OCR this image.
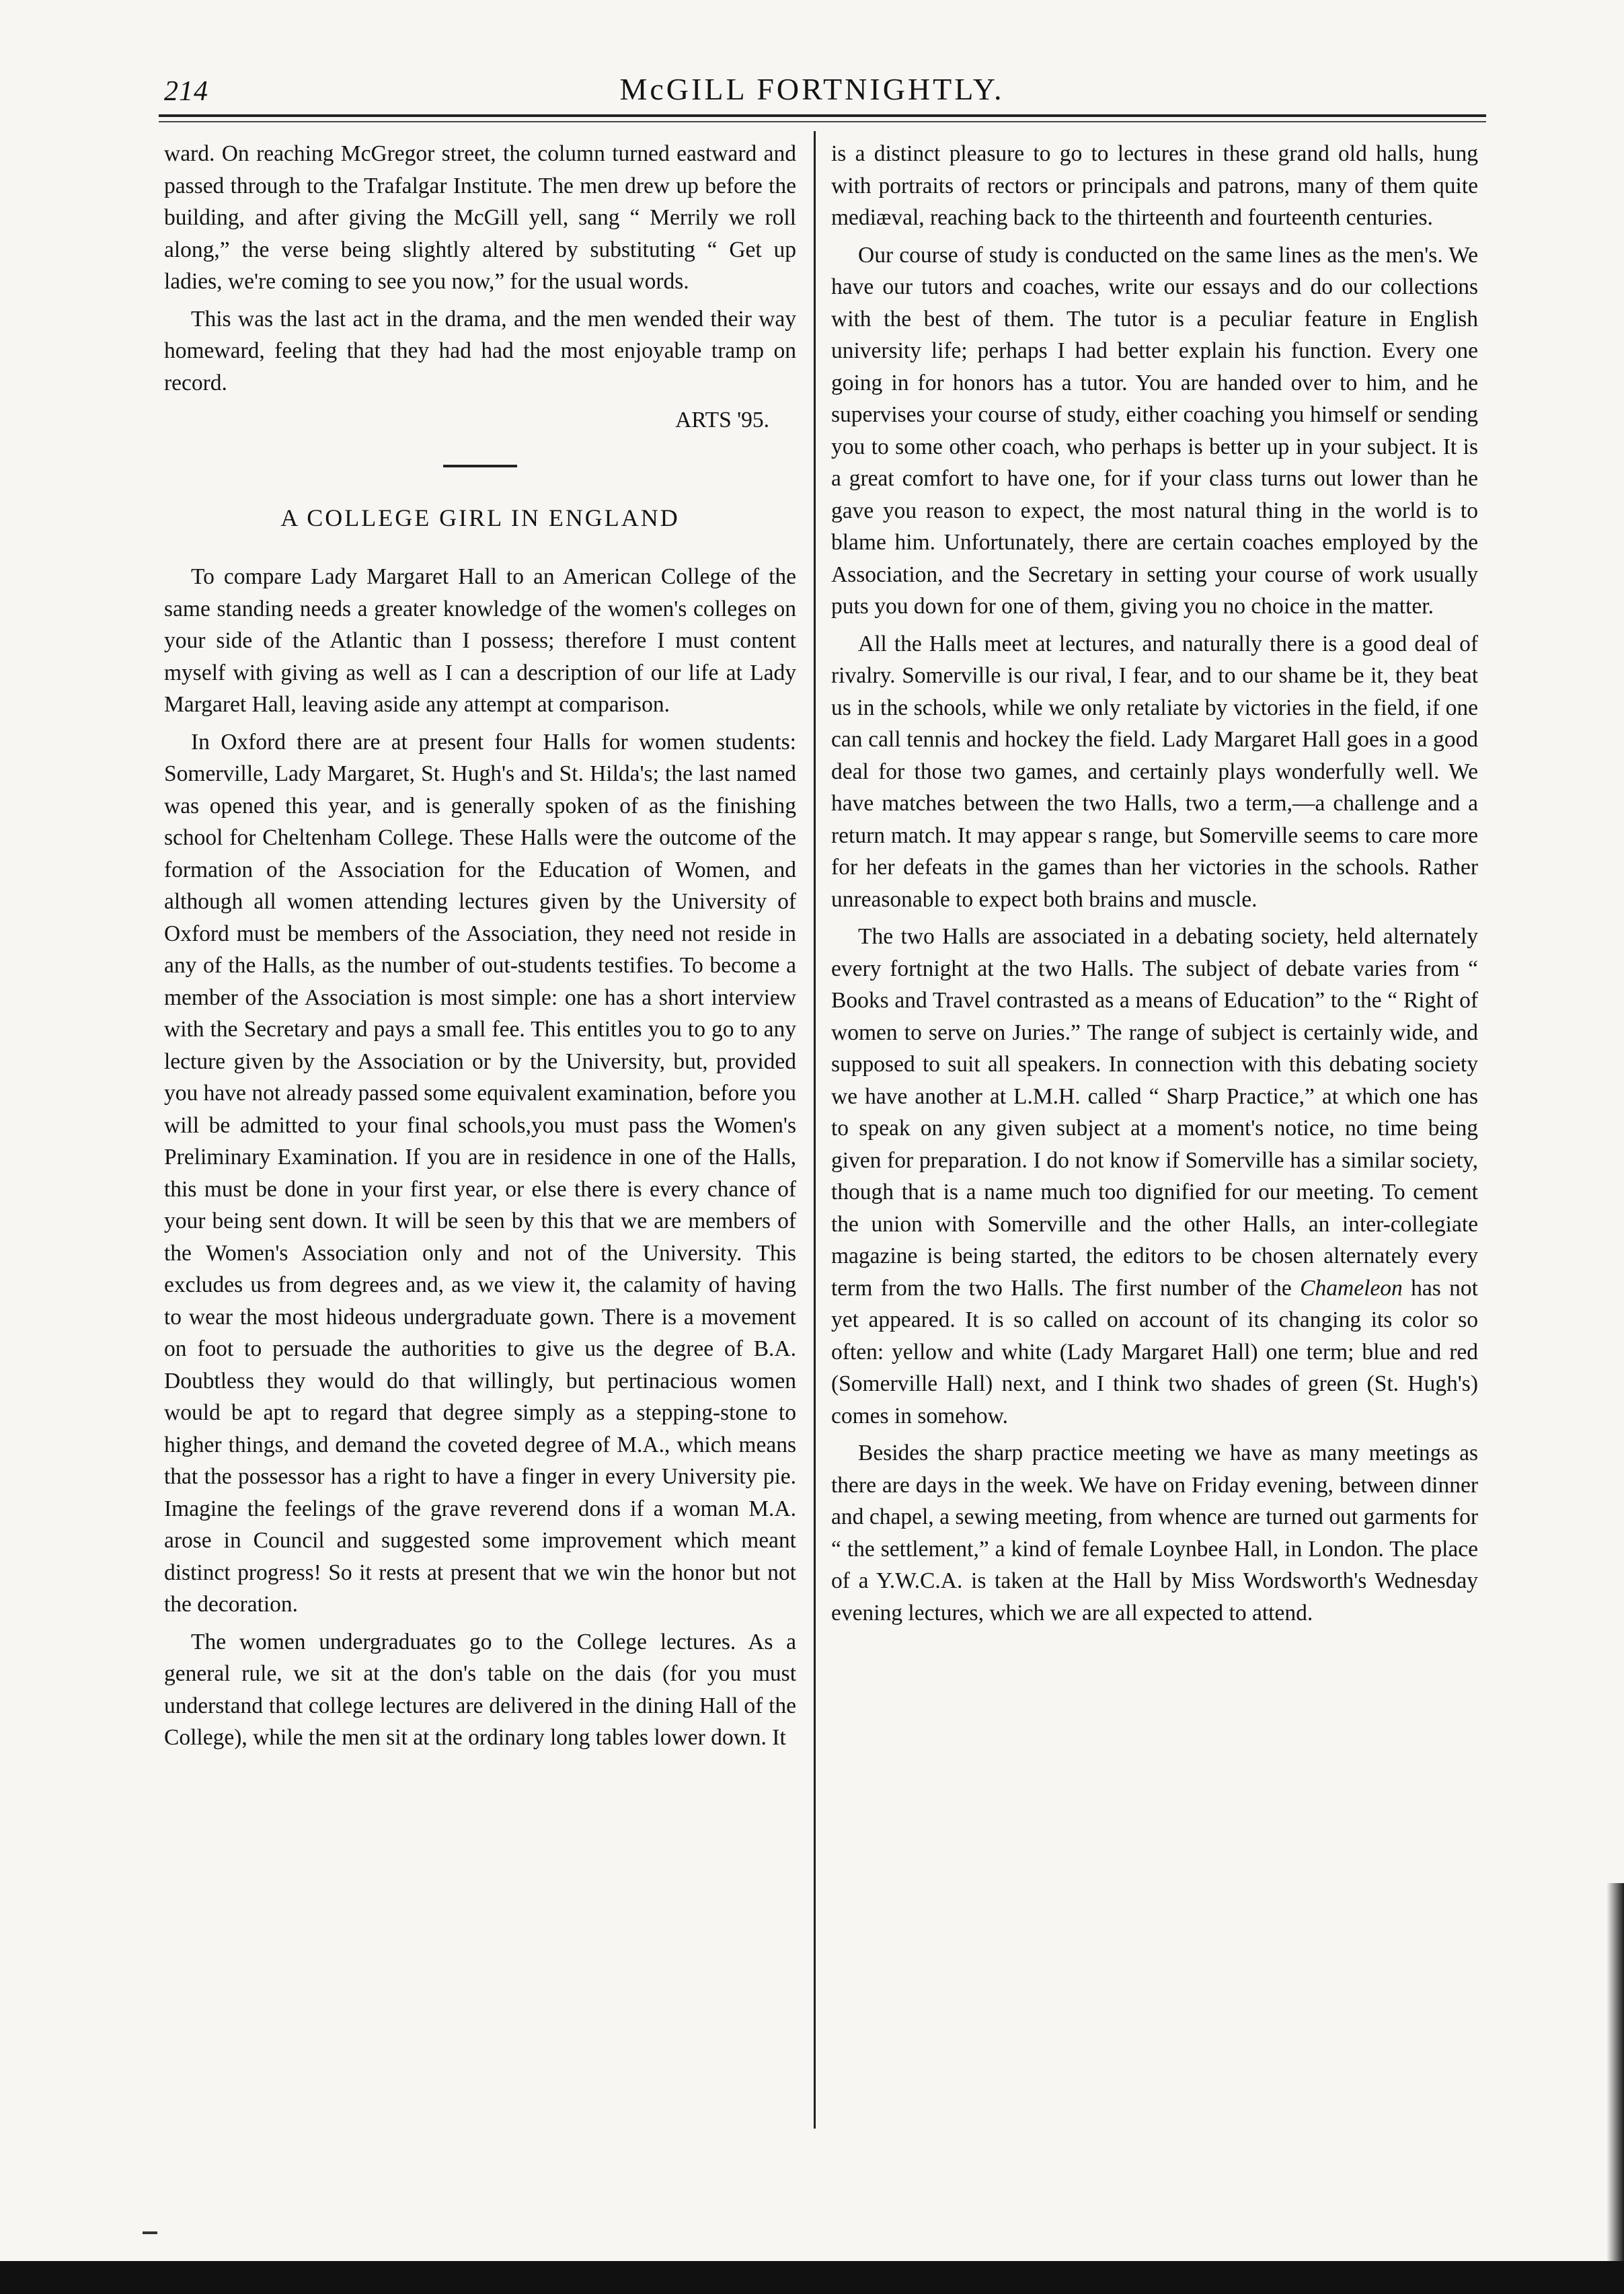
214	McGILL FORTNIGHTLY.

ward. On reaching McGregor street, the column turned eastward and passed through to the Trafalgar Institute. The men drew up before the building, and after giving the McGill yell, sang “ Merrily we roll along,” the verse being slightly altered by substituting “ Get up ladies, we're coming to see you now,” for the usual words.

This was the last act in the drama, and the men wended their way homeward, feeling that they had had the most enjoyable tramp on record.

ARTS '95.

A COLLEGE GIRL IN ENGLAND

To compare Lady Margaret Hall to an American College of the same standing needs a greater knowledge of the women's colleges on your side of the Atlantic than I possess; therefore I must content myself with giving as well as I can a description of our life at Lady Margaret Hall, leaving aside any attempt at comparison.

In Oxford there are at present four Halls for women students: Somerville, Lady Margaret, St. Hugh's and St. Hilda's; the last named was opened this year, and is generally spoken of as the finishing school for Cheltenham College. These Halls were the outcome of the formation of the Association for the Education of Women, and although all women attending lectures given by the University of Oxford must be members of the Association, they need not reside in any of the Halls, as the number of out-students testifies. To become a member of the Association is most simple: one has a short interview with the Secretary and pays a small fee. This entitles you to go to any lecture given by the Association or by the University, but, provided you have not already passed some equivalent examination, before you will be admitted to your final schools,you must pass the Women's Preliminary Examination. If you are in residence in one of the Halls, this must be done in your first year, or else there is every chance of your being sent down. It will be seen by this that we are members of the Women's Association only and not of the University. This excludes us from degrees and, as we view it, the calamity of having to wear the most hideous undergraduate gown. There is a movement on foot to persuade the authorities to give us the degree of B.A. Doubtless they would do that willingly, but pertinacious women would be apt to regard that degree simply as a stepping-stone to higher things, and demand the coveted degree of M.A., which means that the possessor has a right to have a finger in every University pie. Imagine the feelings of the grave reverend dons if a woman M.A. arose in Council and suggested some improvement which meant distinct progress! So it rests at present that we win the honor but not the decoration.

The women undergraduates go to the College lectures. As a general rule, we sit at the don's table on the dais (for you must understand that college lectures are delivered in the dining Hall of the College), while the men sit at the ordinary long tables lower down. It

is a distinct pleasure to go to lectures in these grand old halls, hung with portraits of rectors or principals and patrons, many of them quite mediæval, reaching back to the thirteenth and fourteenth centuries.

Our course of study is conducted on the same lines as the men's. We have our tutors and coaches, write our essays and do our collections with the best of them. The tutor is a peculiar feature in English university life; perhaps I had better explain his function. Every one going in for honors has a tutor. You are handed over to him, and he supervises your course of study, either coaching you himself or sending you to some other coach, who perhaps is better up in your subject. It is a great comfort to have one, for if your class turns out lower than he gave you reason to expect, the most natural thing in the world is to blame him. Unfortunately, there are certain coaches employed by the Association, and the Secretary in setting your course of work usually puts you down for one of them, giving you no choice in the matter.

All the Halls meet at lectures, and naturally there is a good deal of rivalry. Somerville is our rival, I fear, and to our shame be it, they beat us in the schools, while we only retaliate by victories in the field, if one can call tennis and hockey the field. Lady Margaret Hall goes in a good deal for those two games, and certainly plays wonderfully well. We have matches between the two Halls, two a term,—a challenge and a return match. It may appear s range, but Somerville seems to care more for her defeats in the games than her victories in the schools. Rather unreasonable to expect both brains and muscle.

The two Halls are associated in a debating society, held alternately every fortnight at the two Halls. The subject of debate varies from “ Books and Travel contrasted as a means of Education” to the “ Right of women to serve on Juries.” The range of subject is certainly wide, and supposed to suit all speakers. In connection with this debating society we have another at L.M.H. called “ Sharp Practice,” at which one has to speak on any given subject at a moment's notice, no time being given for preparation. I do not know if Somerville has a similar society, though that is a name much too dignified for our meeting. To cement the union with Somerville and the other Halls, an inter-collegiate magazine is being started, the editors to be chosen alternately every term from the two Halls. The first number of the Chameleon has not yet appeared. It is so called on account of its changing its color so often: yellow and white (Lady Margaret Hall) one term; blue and red (Somerville Hall) next, and I think two shades of green (St. Hugh's) comes in somehow.

Besides the sharp practice meeting we have as many meetings as there are days in the week. We have on Friday evening, between dinner and chapel, a sewing meeting, from whence are turned out garments for “ the settlement,” a kind of female Loynbee Hall, in London. The place of a Y.W.C.A. is taken at the Hall by Miss Wordsworth's Wednesday evening lectures, which we are all expected to attend.
